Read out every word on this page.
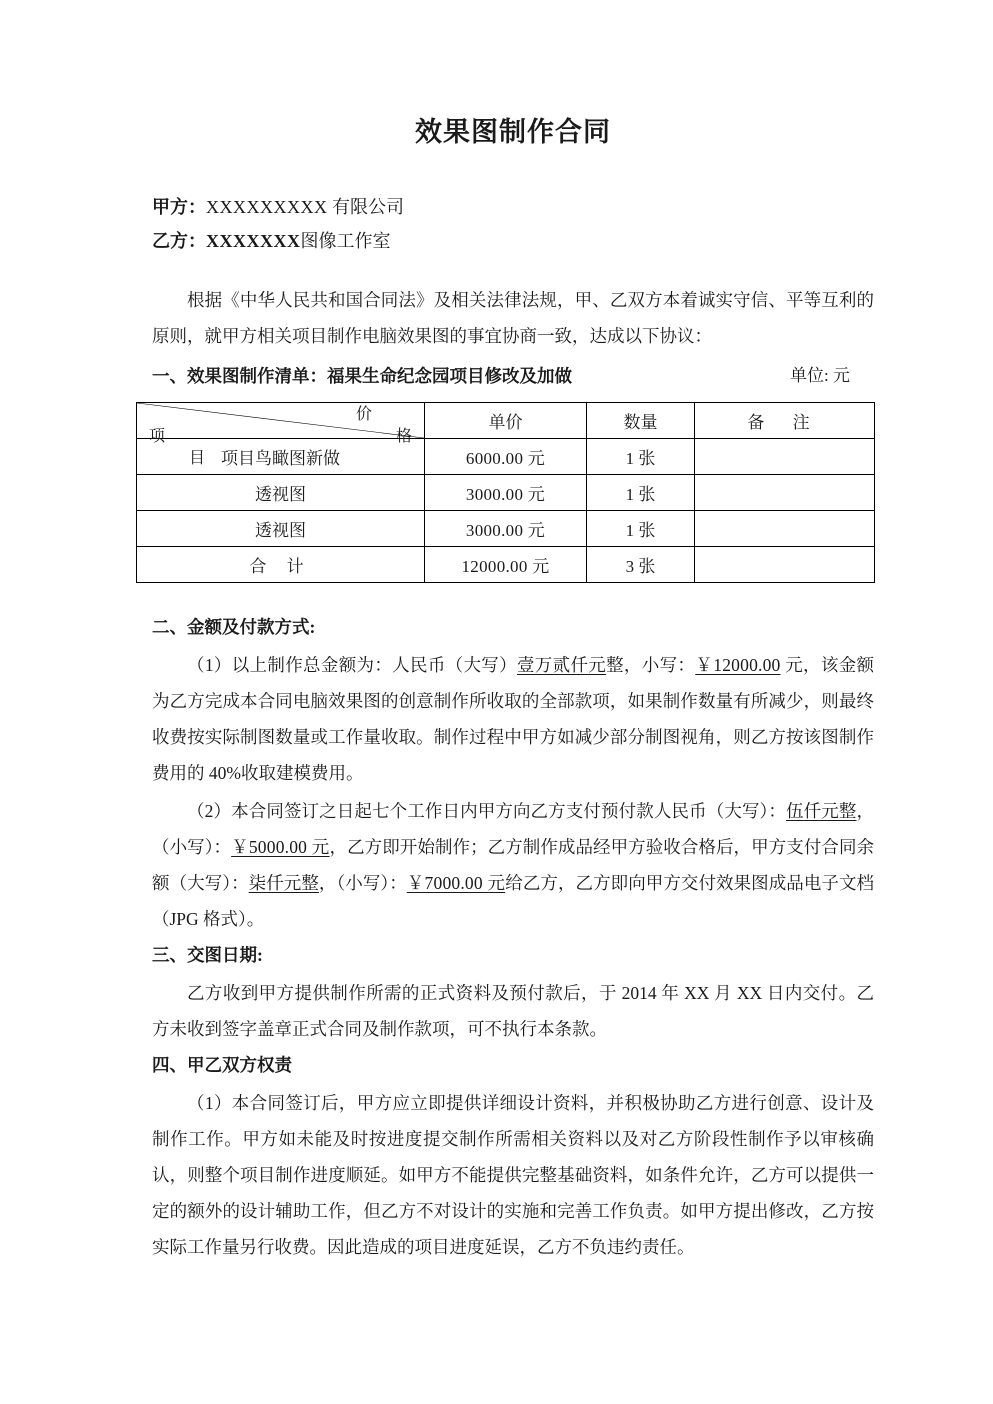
效果图制作合同
甲方：XXXXXXXXX 有限公司
乙方：XXXXXXX图像工作室

根据《中华人民共和国合同法》及相关法律法规，甲、乙双方本着诚实守信、平等互利的原则，就甲方相关项目制作电脑效果图的事宜协商一致，达成以下协议：

一、效果图制作清单：福果生命纪念园项目修改及加做	单位: 元
价
格
项
目	单价	数量	备 注
项目鸟瞰图新做	6000.00 元	1 张	
透视图	3000.00 元	1 张	
透视图	3000.00 元	1 张	
合 计	12000.00 元	3 张	
二、金额及付款方式:

（1）以上制作总金额为：人民币（大写）壹万贰仟元整，小写：￥12000.00 元，该金额为乙方完成本合同电脑效果图的创意制作所收取的全部款项，如果制作数量有所减少，则最终收费按实际制图数量或工作量收取。制作过程中甲方如减少部分制图视角，则乙方按该图制作费用的 40%收取建模费用。

（2）本合同签订之日起七个工作日内甲方向乙方支付预付款人民币（大写）：伍仟元整，（小写）：￥5000.00 元，乙方即开始制作；乙方制作成品经甲方验收合格后，甲方支付合同余额（大写）：柒仟元整，（小写）：￥7000.00 元给乙方，乙方即向甲方交付效果图成品电子文档（JPG 格式）。

三、交图日期:

乙方收到甲方提供制作所需的正式资料及预付款后，于 2014 年 XX 月 XX 日内交付。乙方未收到签字盖章正式合同及制作款项，可不执行本条款。

四、甲乙双方权责

（1）本合同签订后，甲方应立即提供详细设计资料，并积极协助乙方进行创意、设计及制作工作。甲方如未能及时按进度提交制作所需相关资料以及对乙方阶段性制作予以审核确认，则整个项目制作进度顺延。如甲方不能提供完整基础资料，如条件允许，乙方可以提供一定的额外的设计辅助工作，但乙方不对设计的实施和完善工作负责。如甲方提出修改，乙方按实际工作量另行收费。因此造成的项目进度延误，乙方不负违约责任。
